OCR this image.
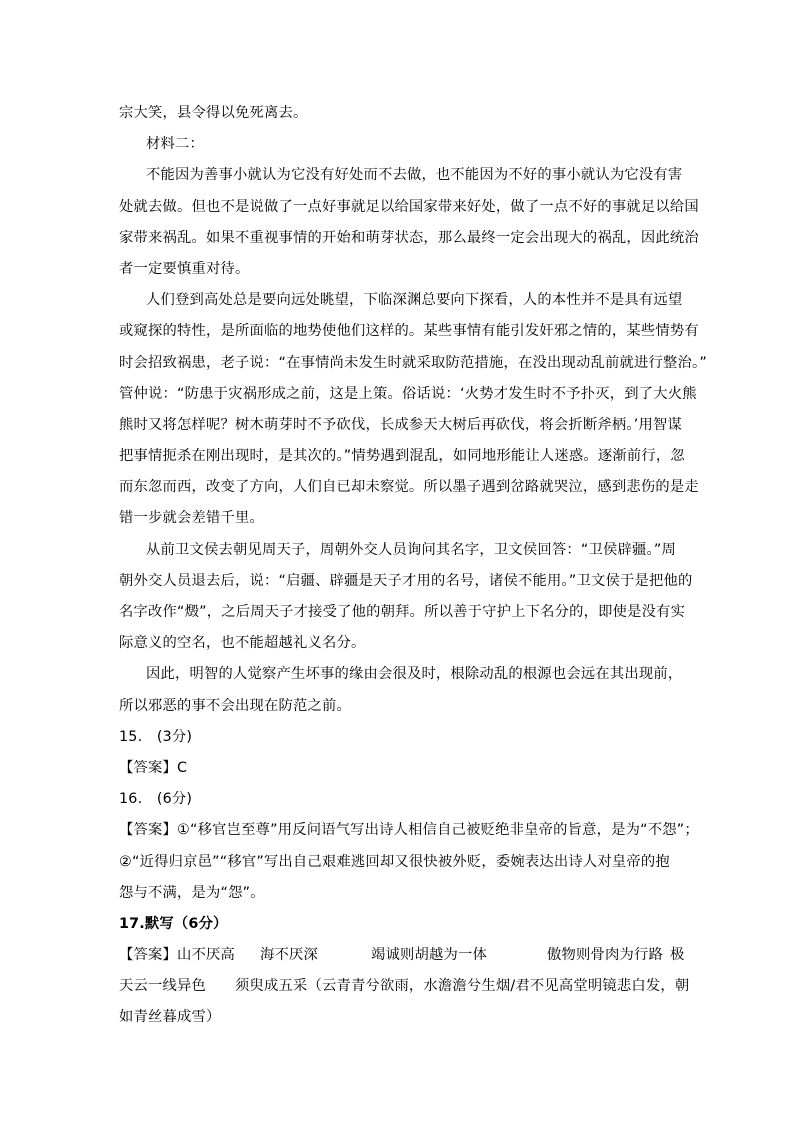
宗大笑，县令得以免死离去。
材料二：
不能因为善事小就认为它没有好处而不去做，也不能因为不好的事小就认为它没有害
处就去做。但也不是说做了一点好事就足以给国家带来好处，做了一点不好的事就足以给国
家带来祸乱。如果不重视事情的开始和萌芽状态，那么最终一定会出现大的祸乱，因此统治
者一定要慎重对待。
人们登到高处总是要向远处眺望，下临深渊总要向下探看，人的本性并不是具有远望
或窥探的特性，是所面临的地势使他们这样的。某些事情有能引发奸邪之情的，某些情势有
时会招致祸患，老子说：“在事情尚未发生时就采取防范措施，在没出现动乱前就进行整治。”
管仲说：“防患于灾祸形成之前，这是上策。俗话说：‘火势才发生时不予扑灭，到了大火熊
熊时又将怎样呢？树木萌芽时不予砍伐，长成参天大树后再砍伐，将会折断斧柄。’用智谋
把事情扼杀在刚出现时，是其次的。”情势遇到混乱，如同地形能让人迷惑。逐渐前行，忽
而东忽而西，改变了方向，人们自已却未察觉。所以墨子遇到岔路就哭泣，感到悲伤的是走
错一步就会差错千里。
从前卫文侯去朝见周天子，周朝外交人员询问其名字，卫文侯回答：“卫侯辟疆。”周
朝外交人员退去后，说：“启疆、辟疆是天子才用的名号，诸侯不能用。”卫文侯于是把他的
名字改作“燬”，之后周天子才接受了他的朝拜。所以善于守护上下名分的，即使是没有实
际意义的空名，也不能超越礼义名分。
因此，明智的人觉察产生坏事的缘由会很及时，根除动乱的根源也会远在其出现前，
所以邪恶的事不会出现在防范之前。
15.　(3分)
【答案】C
16.　(6分)
【答案】①“移官岂至尊”用反问语气写出诗人相信自己被贬绝非皇帝的旨意，是为“不怨”；
②“近得归京邑”“移官”写出自己艰难逃回却又很快被外贬，委婉表达出诗人对皇帝的抱
怨与不满，是为“怨”。
17.默写（6分）
【答案】山不厌高 海不厌深	竭诚则胡越为一体	傲物则骨肉为行路 极
天云一线异色　　须臾成五采（云青青兮欲雨，水澹澹兮生烟/君不见高堂明镜悲白发，朝
如青丝暮成雪）
